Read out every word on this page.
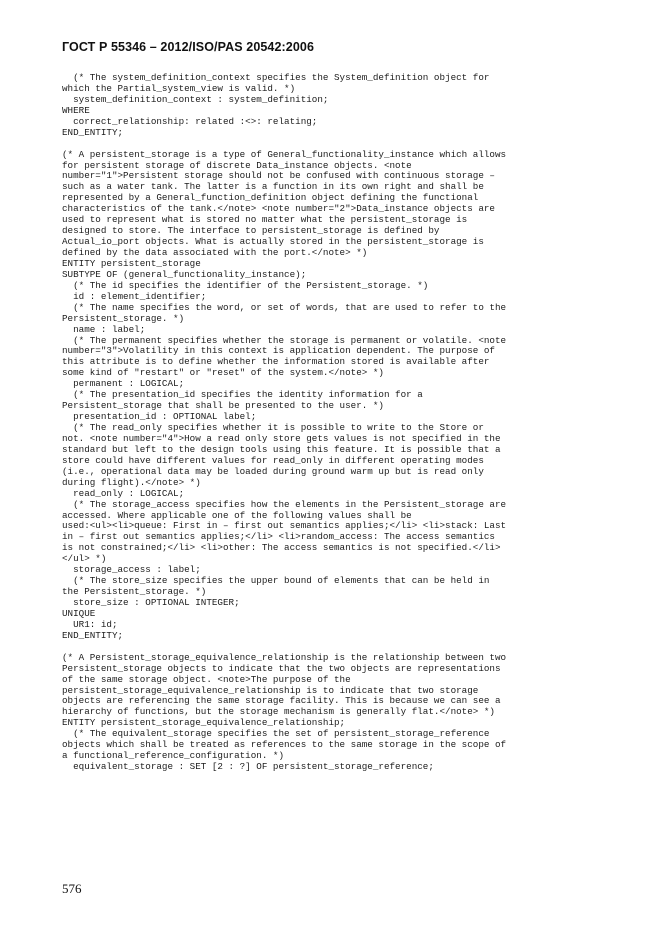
ГОСТ Р 55346 – 2012/ISO/PAS 20542:2006
(* The system_definition_context specifies the System_definition object for
which the Partial_system_view is valid. *)
system_definition_context : system_definition;
WHERE
correct_relationship: related :<>: relating;
END_ENTITY;
(* A persistent_storage is a type of General_functionality_instance which allows
for persistent storage of discrete Data_instance objects. <note
number="1">Persistent storage should not be confused with continuous storage –
such as a water tank. The latter is a function in its own right and shall be
represented by a General_function_definition object defining the functional
characteristics of the tank.</note> <note number="2">Data_instance objects are
used to represent what is stored no matter what the persistent_storage is
designed to store. The interface to persistent_storage is defined by
Actual_io_port objects. What is actually stored in the persistent_storage is
defined by the data associated with the port.</note> *)
ENTITY persistent_storage
SUBTYPE OF (general_functionality_instance);
(* The id specifies the identifier of the Persistent_storage. *)
id : element_identifier;
(* The name specifies the word, or set of words, that are used to refer to the
Persistent_storage. *)
name : label;
(* The permanent specifies whether the storage is permanent or volatile. <note
number="3">Volatility in this context is application dependent. The purpose of
this attribute is to define whether the information stored is available after
some kind of "restart" or "reset" of the system.</note> *)
permanent : LOGICAL;
(* The presentation_id specifies the identity information for a
Persistent_storage that shall be presented to the user. *)
presentation_id : OPTIONAL label;
(* The read_only specifies whether it is possible to write to the Store or
not. <note number="4">How a read only store gets values is not specified in the
standard but left to the design tools using this feature. It is possible that a
store could have different values for read_only in different operating modes
(i.e., operational data may be loaded during ground warm up but is read only
during flight).</note> *)
read_only : LOGICAL;
(* The storage_access specifies how the elements in the Persistent_storage are
accessed. Where applicable one of the following values shall be
used:<ul><li>queue: First in – first out semantics applies;</li> <li>stack: Last
in – first out semantics applies;</li> <li>random_access: The access semantics
is not constrained;</li> <li>other: The access semantics is not specified.</li>
</ul> *)
storage_access : label;
(* The store_size specifies the upper bound of elements that can be held in
the Persistent_storage. *)
store_size : OPTIONAL INTEGER;
UNIQUE
UR1: id;
END_ENTITY;
(* A Persistent_storage_equivalence_relationship is the relationship between two
Persistent_storage objects to indicate that the two objects are representations
of the same storage object. <note>The purpose of the
persistent_storage_equivalence_relationship is to indicate that two storage
objects are referencing the same storage facility. This is because we can see a
hierarchy of functions, but the storage mechanism is generally flat.</note> *)
ENTITY persistent_storage_equivalence_relationship;
(* The equivalent_storage specifies the set of persistent_storage_reference
objects which shall be treated as references to the same storage in the scope of
a functional_reference_configuration. *)
equivalent_storage : SET [2 : ?] OF persistent_storage_reference;
576
